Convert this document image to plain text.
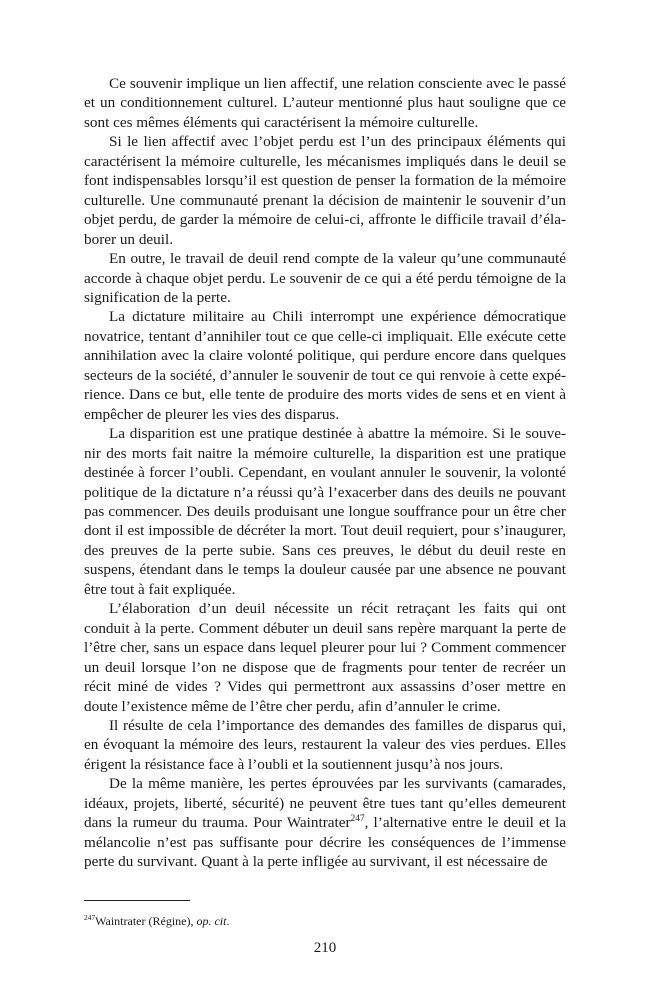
Ce souvenir implique un lien affectif, une relation consciente avec le passé et un conditionnement culturel. L’auteur mentionné plus haut souligne que ce sont ces mêmes éléments qui caractérisent la mémoire culturelle.

Si le lien affectif avec l’objet perdu est l’un des principaux éléments qui caractérisent la mémoire culturelle, les mécanismes impliqués dans le deuil se font indispensables lorsqu’il est question de penser la formation de la mémoire culturelle. Une communauté prenant la décision de maintenir le souvenir d’un objet perdu, de garder la mémoire de celui-ci, affronte le difficile travail d’élaborer un deuil.

En outre, le travail de deuil rend compte de la valeur qu’une communauté accorde à chaque objet perdu. Le souvenir de ce qui a été perdu témoigne de la signification de la perte.

La dictature militaire au Chili interrompt une expérience démocratique novatrice, tentant d’annihiler tout ce que celle-ci impliquait. Elle exécute cette annihilation avec la claire volonté politique, qui perdure encore dans quelques secteurs de la société, d’annuler le souvenir de tout ce qui renvoie à cette expérience. Dans ce but, elle tente de produire des morts vides de sens et en vient à empêcher de pleurer les vies des disparus.

La disparition est une pratique destinée à abattre la mémoire. Si le souvenir des morts fait naitre la mémoire culturelle, la disparition est une pratique destinée à forcer l’oubli. Cependant, en voulant annuler le souvenir, la volonté politique de la dictature n’a réussi qu’à l’exacerber dans des deuils ne pouvant pas commencer. Des deuils produisant une longue souffrance pour un être cher dont il est impossible de décréter la mort. Tout deuil requiert, pour s’inaugurer, des preuves de la perte subie. Sans ces preuves, le début du deuil reste en suspens, étendant dans le temps la douleur causée par une absence ne pouvant être tout à fait expliquée.

L’élaboration d’un deuil nécessite un récit retraçant les faits qui ont conduit à la perte. Comment débuter un deuil sans repère marquant la perte de l’être cher, sans un espace dans lequel pleurer pour lui ? Comment commencer un deuil lorsque l’on ne dispose que de fragments pour tenter de recréer un récit miné de vides ? Vides qui permettront aux assassins d’oser mettre en doute l’existence même de l’être cher perdu, afin d’annuler le crime.

Il résulte de cela l’importance des demandes des familles de disparus qui, en évoquant la mémoire des leurs, restaurent la valeur des vies perdues. Elles érigent la résistance face à l’oubli et la soutiennent jusqu’à nos jours.

De la même manière, les pertes éprouvées par les survivants (camarades, idéaux, projets, liberté, sécurité) ne peuvent être tues tant qu’elles demeurent dans la rumeur du trauma. Pour Waintrater$^{247}$, l’alternative entre le deuil et la mélancolie n’est pas suffisante pour décrire les conséquences de l’immense perte du survivant. Quant à la perte infligée au survivant, il est nécessaire de

$^{247}$Waintrater (Régine), op. cit.
210
